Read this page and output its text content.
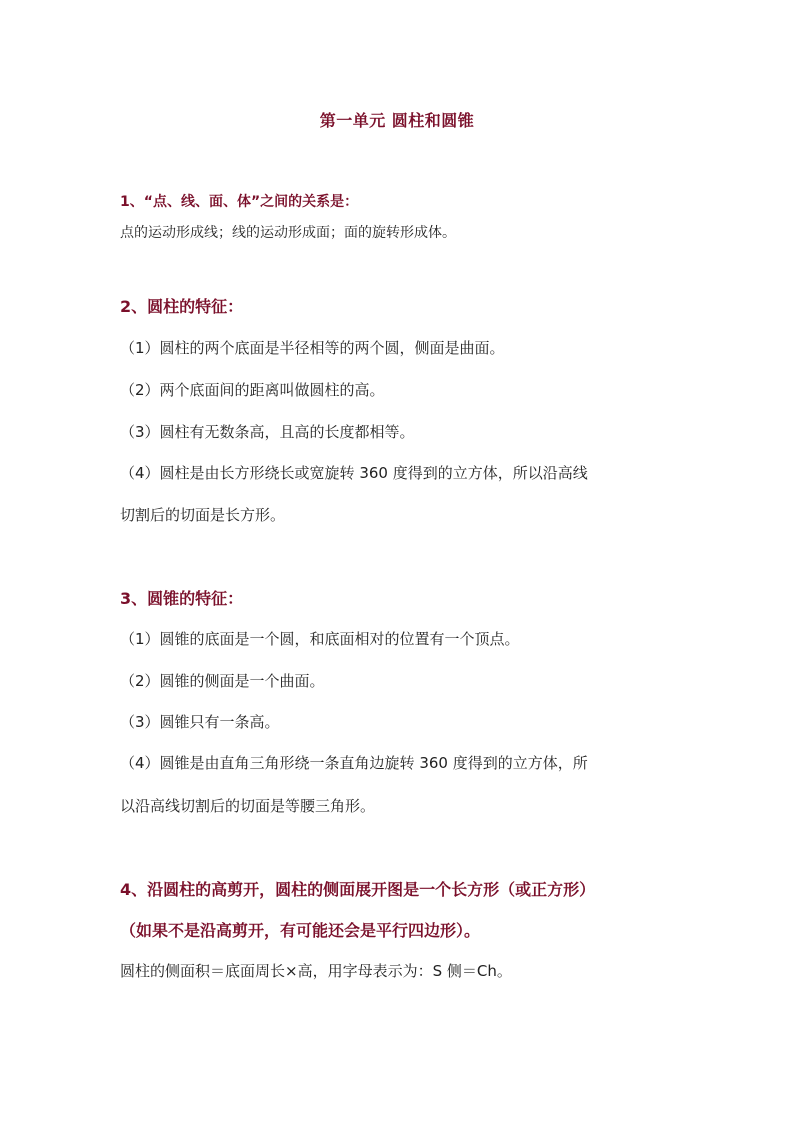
第一单元 圆柱和圆锥
1、“点、线、面、体”之间的关系是：
点的运动形成线；线的运动形成面；面的旋转形成体。
2、圆柱的特征：
（1）圆柱的两个底面是半径相等的两个圆，侧面是曲面。
（2）两个底面间的距离叫做圆柱的高。
（3）圆柱有无数条高，且高的长度都相等。
（4）圆柱是由长方形绕长或宽旋转 360 度得到的立方体，所以沿高线
切割后的切面是长方形。
3、圆锥的特征：
（1）圆锥的底面是一个圆，和底面相对的位置有一个顶点。
（2）圆锥的侧面是一个曲面。
（3）圆锥只有一条高。
（4）圆锥是由直角三角形绕一条直角边旋转 360 度得到的立方体，所
以沿高线切割后的切面是等腰三角形。
4、沿圆柱的高剪开，圆柱的侧面展开图是一个长方形（或正方形）
（如果不是沿高剪开，有可能还会是平行四边形）。
圆柱的侧面积＝底面周长×高，用字母表示为：S 侧＝Ch。
